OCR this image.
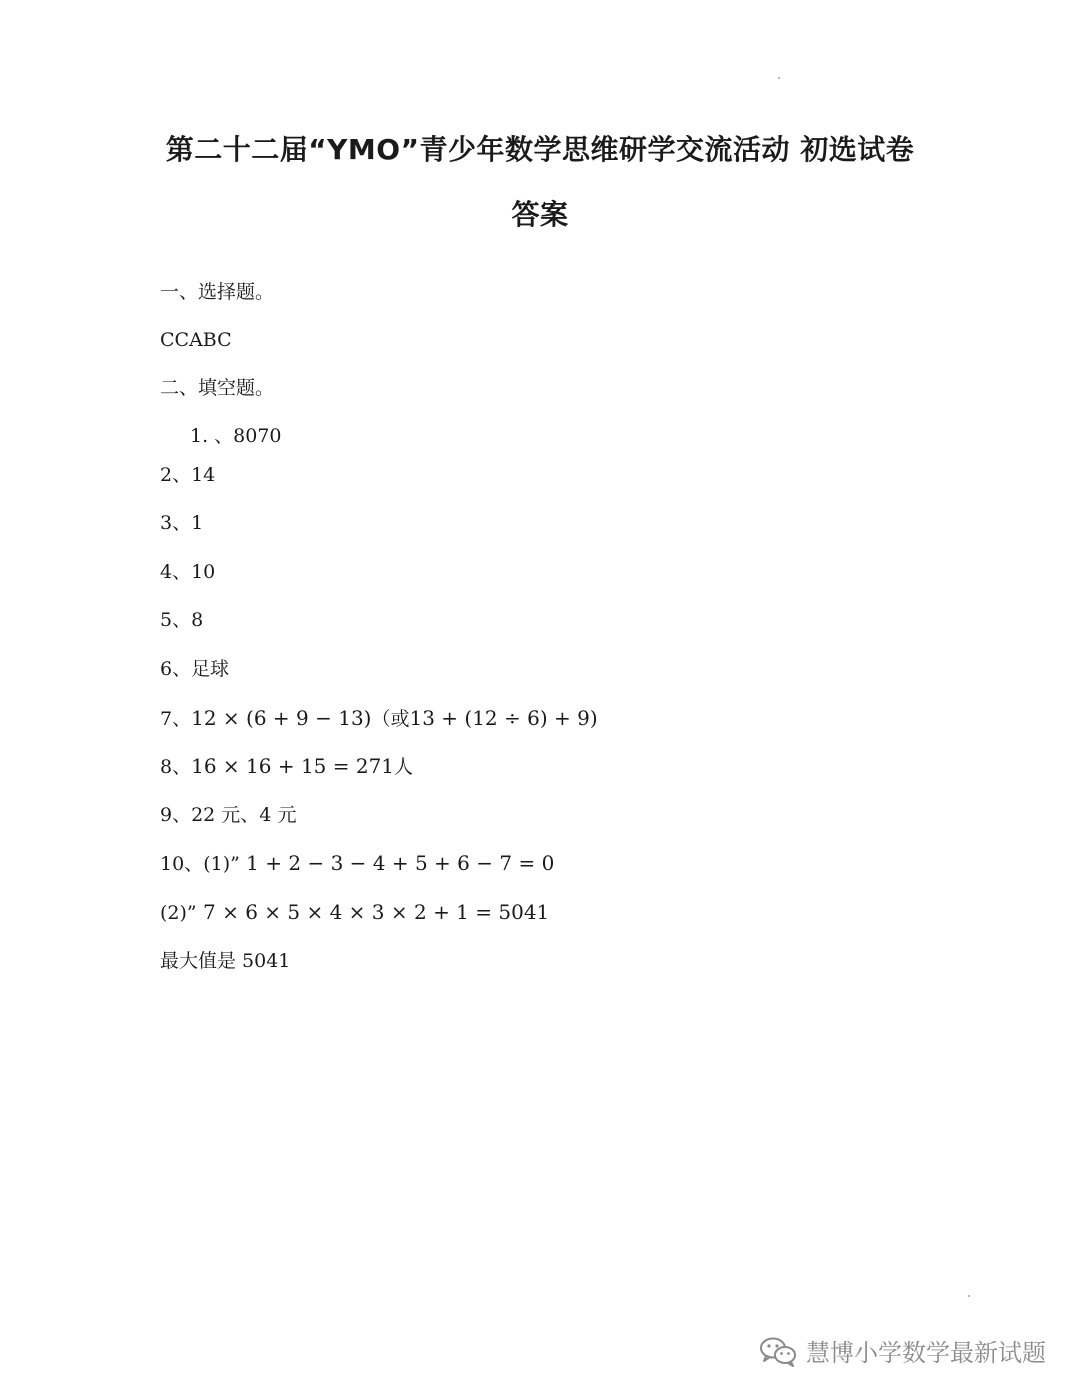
第二十二届“YMO”青少年数学思维研学交流活动 初选试卷
答案
一、选择题。
CCABC
二、填空题。
1. 、8070
2、14
3、1
4、10
5、8
6、足球
7、12 × (6 + 9 − 13)（或13 + (12 ÷ 6) + 9)
8、16 × 16 + 15 = 271人
9、22 元、4 元
10、(1)” 1 + 2 − 3 − 4 + 5 + 6 − 7 = 0
(2)” 7 × 6 × 5 × 4 × 3 × 2 + 1 = 5041
最大值是 5041
慧博小学数学最新试题
